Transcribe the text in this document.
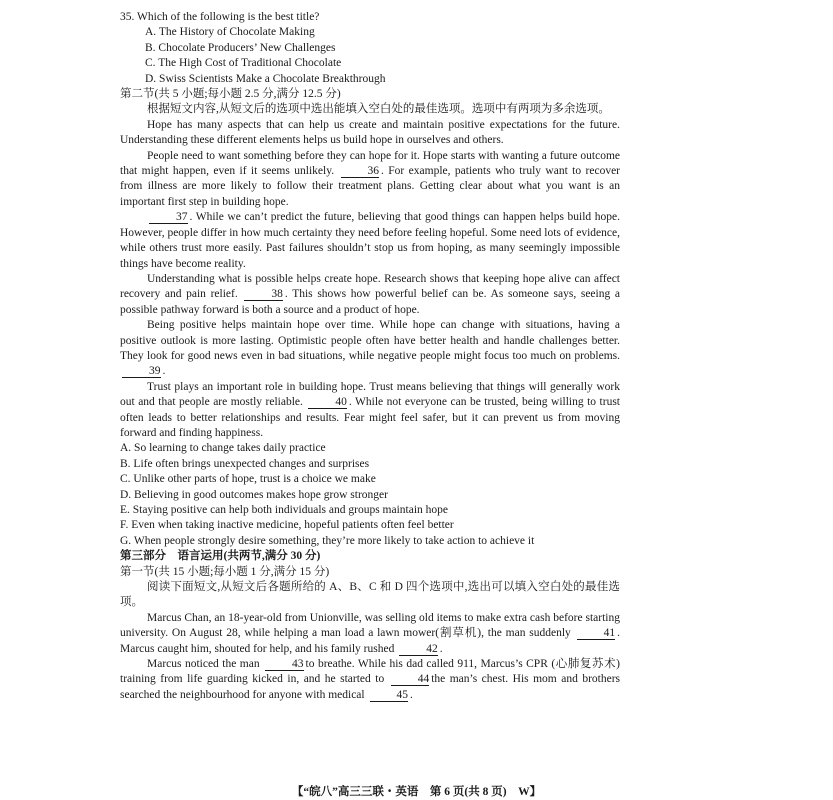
35. Which of the following is the best title?
A. The History of Chocolate Making
B. Chocolate Producers’ New Challenges
C. The High Cost of Traditional Chocolate
D. Swiss Scientists Make a Chocolate Breakthrough
第二节(共 5 小题;每小题 2.5 分,满分 12.5 分)
根据短文内容,从短文后的选项中选出能填入空白处的最佳选项。选项中有两项为多余选项。
Hope has many aspects that can help us create and maintain positive expectations for the future. Understanding these different elements helps us build hope in ourselves and others.
People need to want something before they can hope for it. Hope starts with wanting a future outcome that might happen, even if it seems unlikely.	36 . For example, patients who truly want to recover from illness are more likely to follow their treatment plans. Getting clear about what you want is an important first step in building hope.
37 . While we can’t predict the future, believing that good things can happen helps build hope. However, people differ in how much certainty they need before feeling hopeful. Some need lots of evidence, while others trust more easily. Past failures shouldn’t stop us from hoping, as many seemingly impossible things have become reality.
Understanding what is possible helps create hope. Research shows that keeping hope alive can affect recovery and pain relief.	38 . This shows how powerful belief can be. As someone says, seeing a possible pathway forward is both a source and a product of hope.
Being positive helps maintain hope over time. While hope can change with situations, having a positive outlook is more lasting. Optimistic people often have better health and handle challenges better. They look for good news even in bad situations, while negative people might focus too much on problems. 39 .
Trust plays an important role in building hope. Trust means believing that things will generally work out and that people are mostly reliable.	40 . While not everyone can be trusted, being willing to trust often leads to better relationships and results. Fear might feel safer, but it can prevent us from moving forward and finding happiness.
A. So learning to change takes daily practice
B. Life often brings unexpected changes and surprises
C. Unlike other parts of hope, trust is a choice we make
D. Believing in good outcomes makes hope grow stronger
E. Staying positive can help both individuals and groups maintain hope
F. Even when taking inactive medicine, hopeful patients often feel better
G. When people strongly desire something, they’re more likely to take action to achieve it
第三部分　语言运用(共两节,满分 30 分)
第一节(共 15 小题;每小题 1 分,满分 15 分)
阅读下面短文,从短文后各题所给的 A、B、C 和 D 四个选项中,选出可以填入空白处的最佳选项。
Marcus Chan, an 18-year-old from Unionville, was selling old items to make extra cash before starting university. On August 28, while helping a man load a lawn mower(割草机), the man suddenly	41 . Marcus caught him, shouted for help, and his family rushed	42 .
Marcus noticed the man	43 to breathe. While his dad called 911, Marcus’s CPR (心肺复苏术) training from life guarding kicked in, and he started to	44 the man’s chest. His mom and brothers searched the neighbourhood for anyone with medical	45 .
【“皖八”高三三联・英语　第 6 页(共 8 页)　W】
